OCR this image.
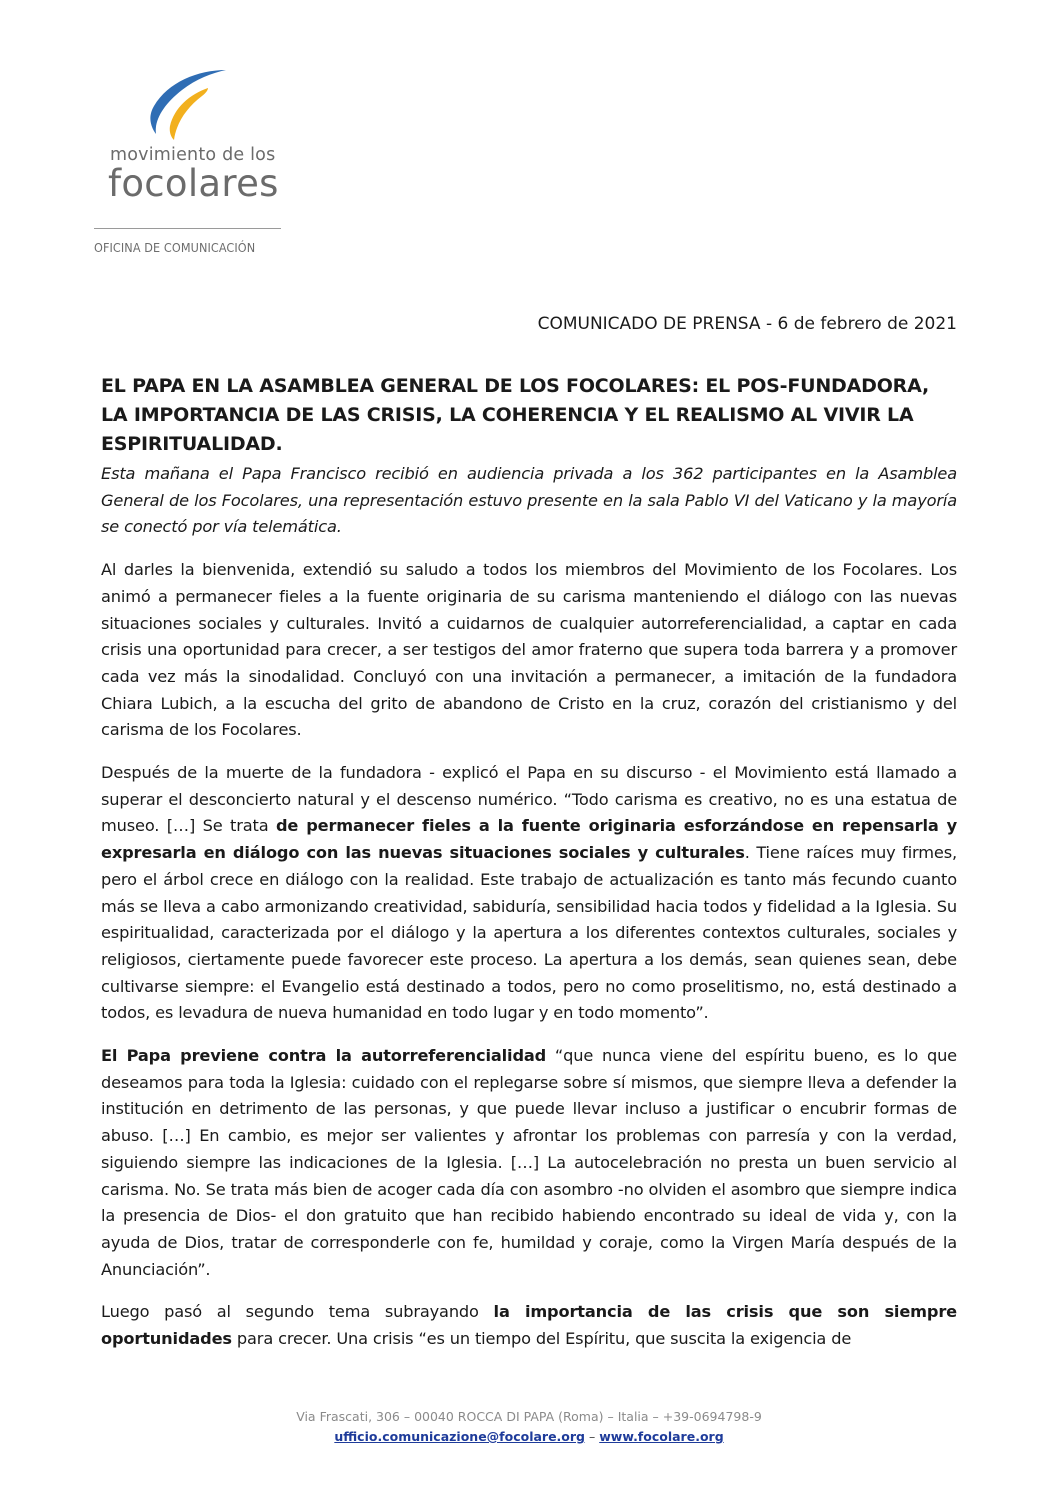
movimiento de los
focolares
OFICINA DE COMUNICACIÓN
COMUNICADO DE PRENSA - 6 de febrero de 2021
EL PAPA EN LA ASAMBLEA GENERAL DE LOS FOCOLARES: EL POS-FUNDADORA, LA IMPORTANCIA DE LAS CRISIS, LA COHERENCIA Y EL REALISMO AL VIVIR LA ESPIRITUALIDAD.

Esta mañana el Papa Francisco recibió en audiencia privada a los 362 participantes en la Asamblea General de los Focolares, una representación estuvo presente en la sala Pablo VI del Vaticano y la mayoría se conectó por vía telemática.

Al darles la bienvenida, extendió su saludo a todos los miembros del Movimiento de los Focolares. Los animó a permanecer fieles a la fuente originaria de su carisma manteniendo el diálogo con las nuevas situaciones sociales y culturales. Invitó a cuidarnos de cualquier autorreferencialidad, a captar en cada crisis una oportunidad para crecer, a ser testigos del amor fraterno que supera toda barrera y a promover cada vez más la sinodalidad. Concluyó con una invitación a permanecer, a imitación de la fundadora Chiara Lubich, a la escucha del grito de abandono de Cristo en la cruz, corazón del cristianismo y del carisma de los Focolares.

Después de la muerte de la fundadora - explicó el Papa en su discurso - el Movimiento está llamado a superar el desconcierto natural y el descenso numérico. “Todo carisma es creativo, no es una estatua de museo. […] Se trata de permanecer fieles a la fuente originaria esforzándose en repensarla y expresarla en diálogo con las nuevas situaciones sociales y culturales. Tiene raíces muy firmes, pero el árbol crece en diálogo con la realidad. Este trabajo de actualización es tanto más fecundo cuanto más se lleva a cabo armonizando creatividad, sabiduría, sensibilidad hacia todos y fidelidad a la Iglesia. Su espiritualidad, caracterizada por el diálogo y la apertura a los diferentes contextos culturales, sociales y religiosos, ciertamente puede favorecer este proceso. La apertura a los demás, sean quienes sean, debe cultivarse siempre: el Evangelio está destinado a todos, pero no como proselitismo, no, está destinado a todos, es levadura de nueva humanidad en todo lugar y en todo momento”.

El Papa previene contra la autorreferencialidad “que nunca viene del espíritu bueno, es lo que deseamos para toda la Iglesia: cuidado con el replegarse sobre sí mismos, que siempre lleva a defender la institución en detrimento de las personas, y que puede llevar incluso a justificar o encubrir formas de abuso. […] En cambio, es mejor ser valientes y afrontar los problemas con parresía y con la verdad, siguiendo siempre las indicaciones de la Iglesia. […] La autocelebración no presta un buen servicio al carisma. No. Se trata más bien de acoger cada día con asombro -no olviden el asombro que siempre indica la presencia de Dios- el don gratuito que han recibido habiendo encontrado su ideal de vida y, con la ayuda de Dios, tratar de corresponderle con fe, humildad y coraje, como la Virgen María después de la Anunciación”.

Luego pasó al segundo tema subrayando la importancia de las crisis que son siempre oportunidades para crecer. Una crisis “es un tiempo del Espíritu, que suscita la exigencia de

Via Frascati, 306 – 00040 ROCCA DI PAPA (Roma) – Italia – +39-0694798-9
ufficio.comunicazione@focolare.org – www.focolare.org
